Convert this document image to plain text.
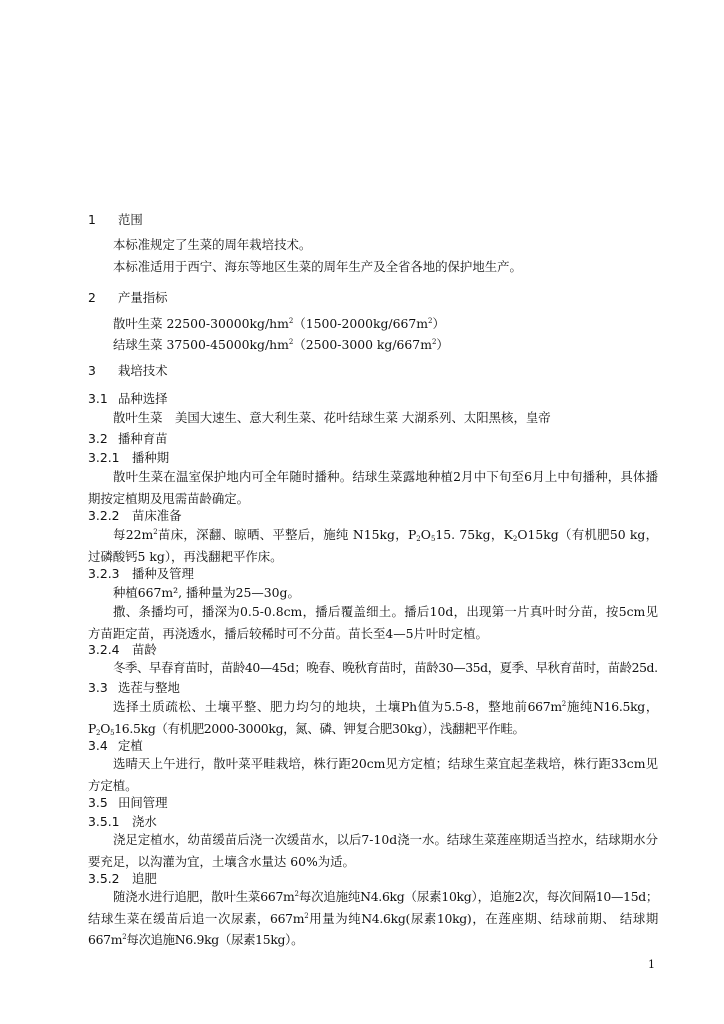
1 范围
本标准规定了生菜的周年栽培技术。
本标准适用于西宁、海东等地区生菜的周年生产及全省各地的保护地生产。
2 产量指标
散叶生菜 $22500-30000kg/hm^2(1500-2000kg/667m^2)$
结球生菜 $37500-45000kg/hm^2(2500-3000$ $kg/667m^2$）
3 栽培技术
3.1 品种选择
散叶生菜　美国大速生、意大利生菜、花叶结球生菜 大湖系列、太阳黑核，皇帝
3.2 播种育苗
3.2.1 播种期
散叶生菜在温室保护地内可全年随时播种。结球生菜露地种植2月中下旬至6月上中旬播种，具体播期按定植期及甩需苗龄确定。
3.2.2 苗床准备
每$22m^2$苗床，深翻、晾晒、平整后，施纯 N15kg，$P_2O_515$. 75kg，$K_2O15kg$（有机肥50 kg，过磷酸钙5 kg），再浅翻耙平作床。
3.2.3 播种及管理
种植667m², 播种量为25—30g。
撒、条播均可，播深为0.5-0.8cm，播后覆盖细土。播后10d，出现第一片真叶时分苗，按5cm见方苗距定苗，再浇透水，播后较稀时可不分苗。苗长至4—5片叶时定植。
3.2.4 苗龄
冬季、早春育苗时，苗龄40—45d；晚春、晚秋育苗时，苗龄30—35d，夏季、早秋育苗时，苗龄25d.
3.3 选茬与整地
选择土质疏松、土壤平整、肥力均匀的地块，土壤Ph值为5.5-8，整地前$667m^2$施纯N16.5kg，$P_2O_516.5kg$（有机肥2000-3000kg，氮、磷、钾复合肥30kg），浅翻耙平作畦。
3.4 定植
选晴天上午进行，散叶菜平畦栽培，株行距20cm见方定植；结球生菜宜起垄栽培，株行距33cm见方定植。
3.5 田间管理
3.5.1 浇水
浇足定植水，幼苗缓苗后浇一次缓苗水，以后7-10d浇一水。结球生菜莲座期适当控水，结球期水分要充足，以沟灌为宜，土壤含水量达 60%为适。
3.5.2 追肥
随浇水进行追肥，散叶生菜$667m^2$每次追施纯N4.6kg（尿素10kg），追施2次，每次间隔10—15d；结球生菜在缓苗后追一次尿素，$667m^2$用量为纯N4.6kg(尿素10kg)，在莲座期、结球前期、 结球期$667m^2$每次追施N6.9kg（尿素15kg）。
1
